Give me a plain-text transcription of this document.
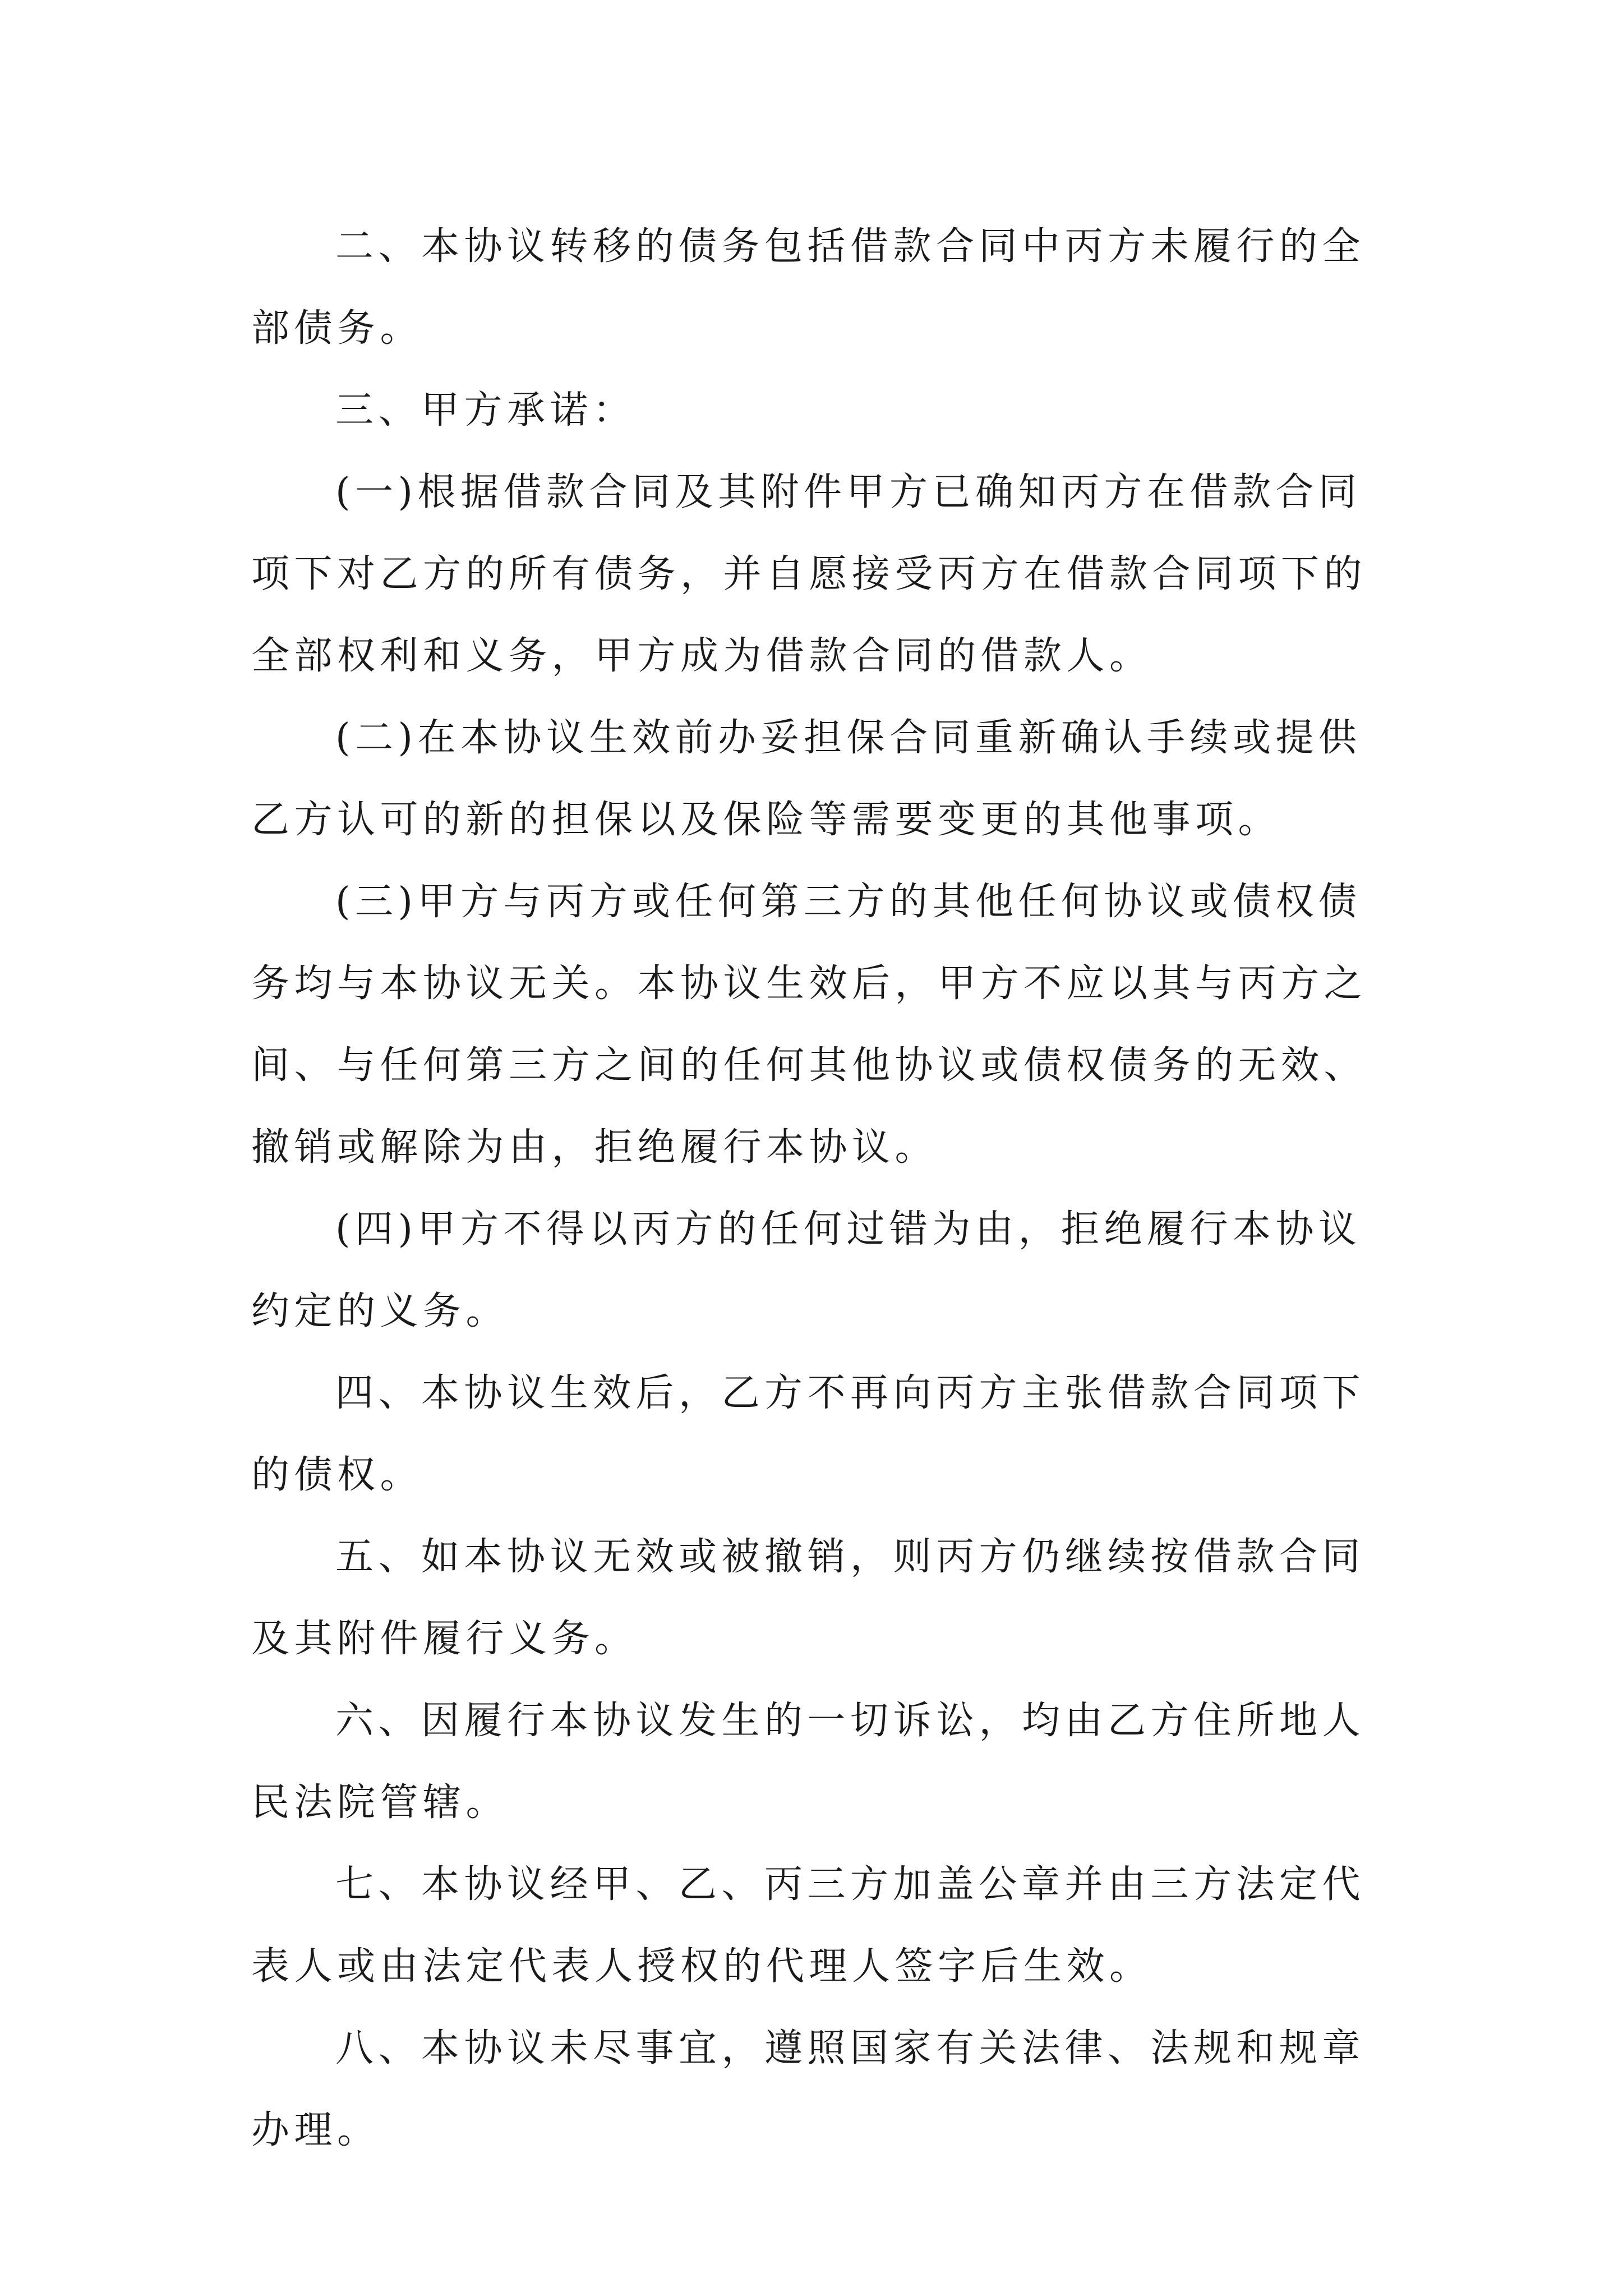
二、本协议转移的债务包括借款合同中丙方未履行的全
部债务。
三、甲方承诺：
(一)根据借款合同及其附件甲方已确知丙方在借款合同
项下对乙方的所有债务，并自愿接受丙方在借款合同项下的
全部权利和义务，甲方成为借款合同的借款人。
(二)在本协议生效前办妥担保合同重新确认手续或提供
乙方认可的新的担保以及保险等需要变更的其他事项。
(三)甲方与丙方或任何第三方的其他任何协议或债权债
务均与本协议无关。本协议生效后，甲方不应以其与丙方之
间、与任何第三方之间的任何其他协议或债权债务的无效、
撤销或解除为由，拒绝履行本协议。
(四)甲方不得以丙方的任何过错为由，拒绝履行本协议
约定的义务。
四、本协议生效后，乙方不再向丙方主张借款合同项下
的债权。
五、如本协议无效或被撤销，则丙方仍继续按借款合同
及其附件履行义务。
六、因履行本协议发生的一切诉讼，均由乙方住所地人
民法院管辖。
七、本协议经甲、乙、丙三方加盖公章并由三方法定代
表人或由法定代表人授权的代理人签字后生效。
八、本协议未尽事宜，遵照国家有关法律、法规和规章
办理。
